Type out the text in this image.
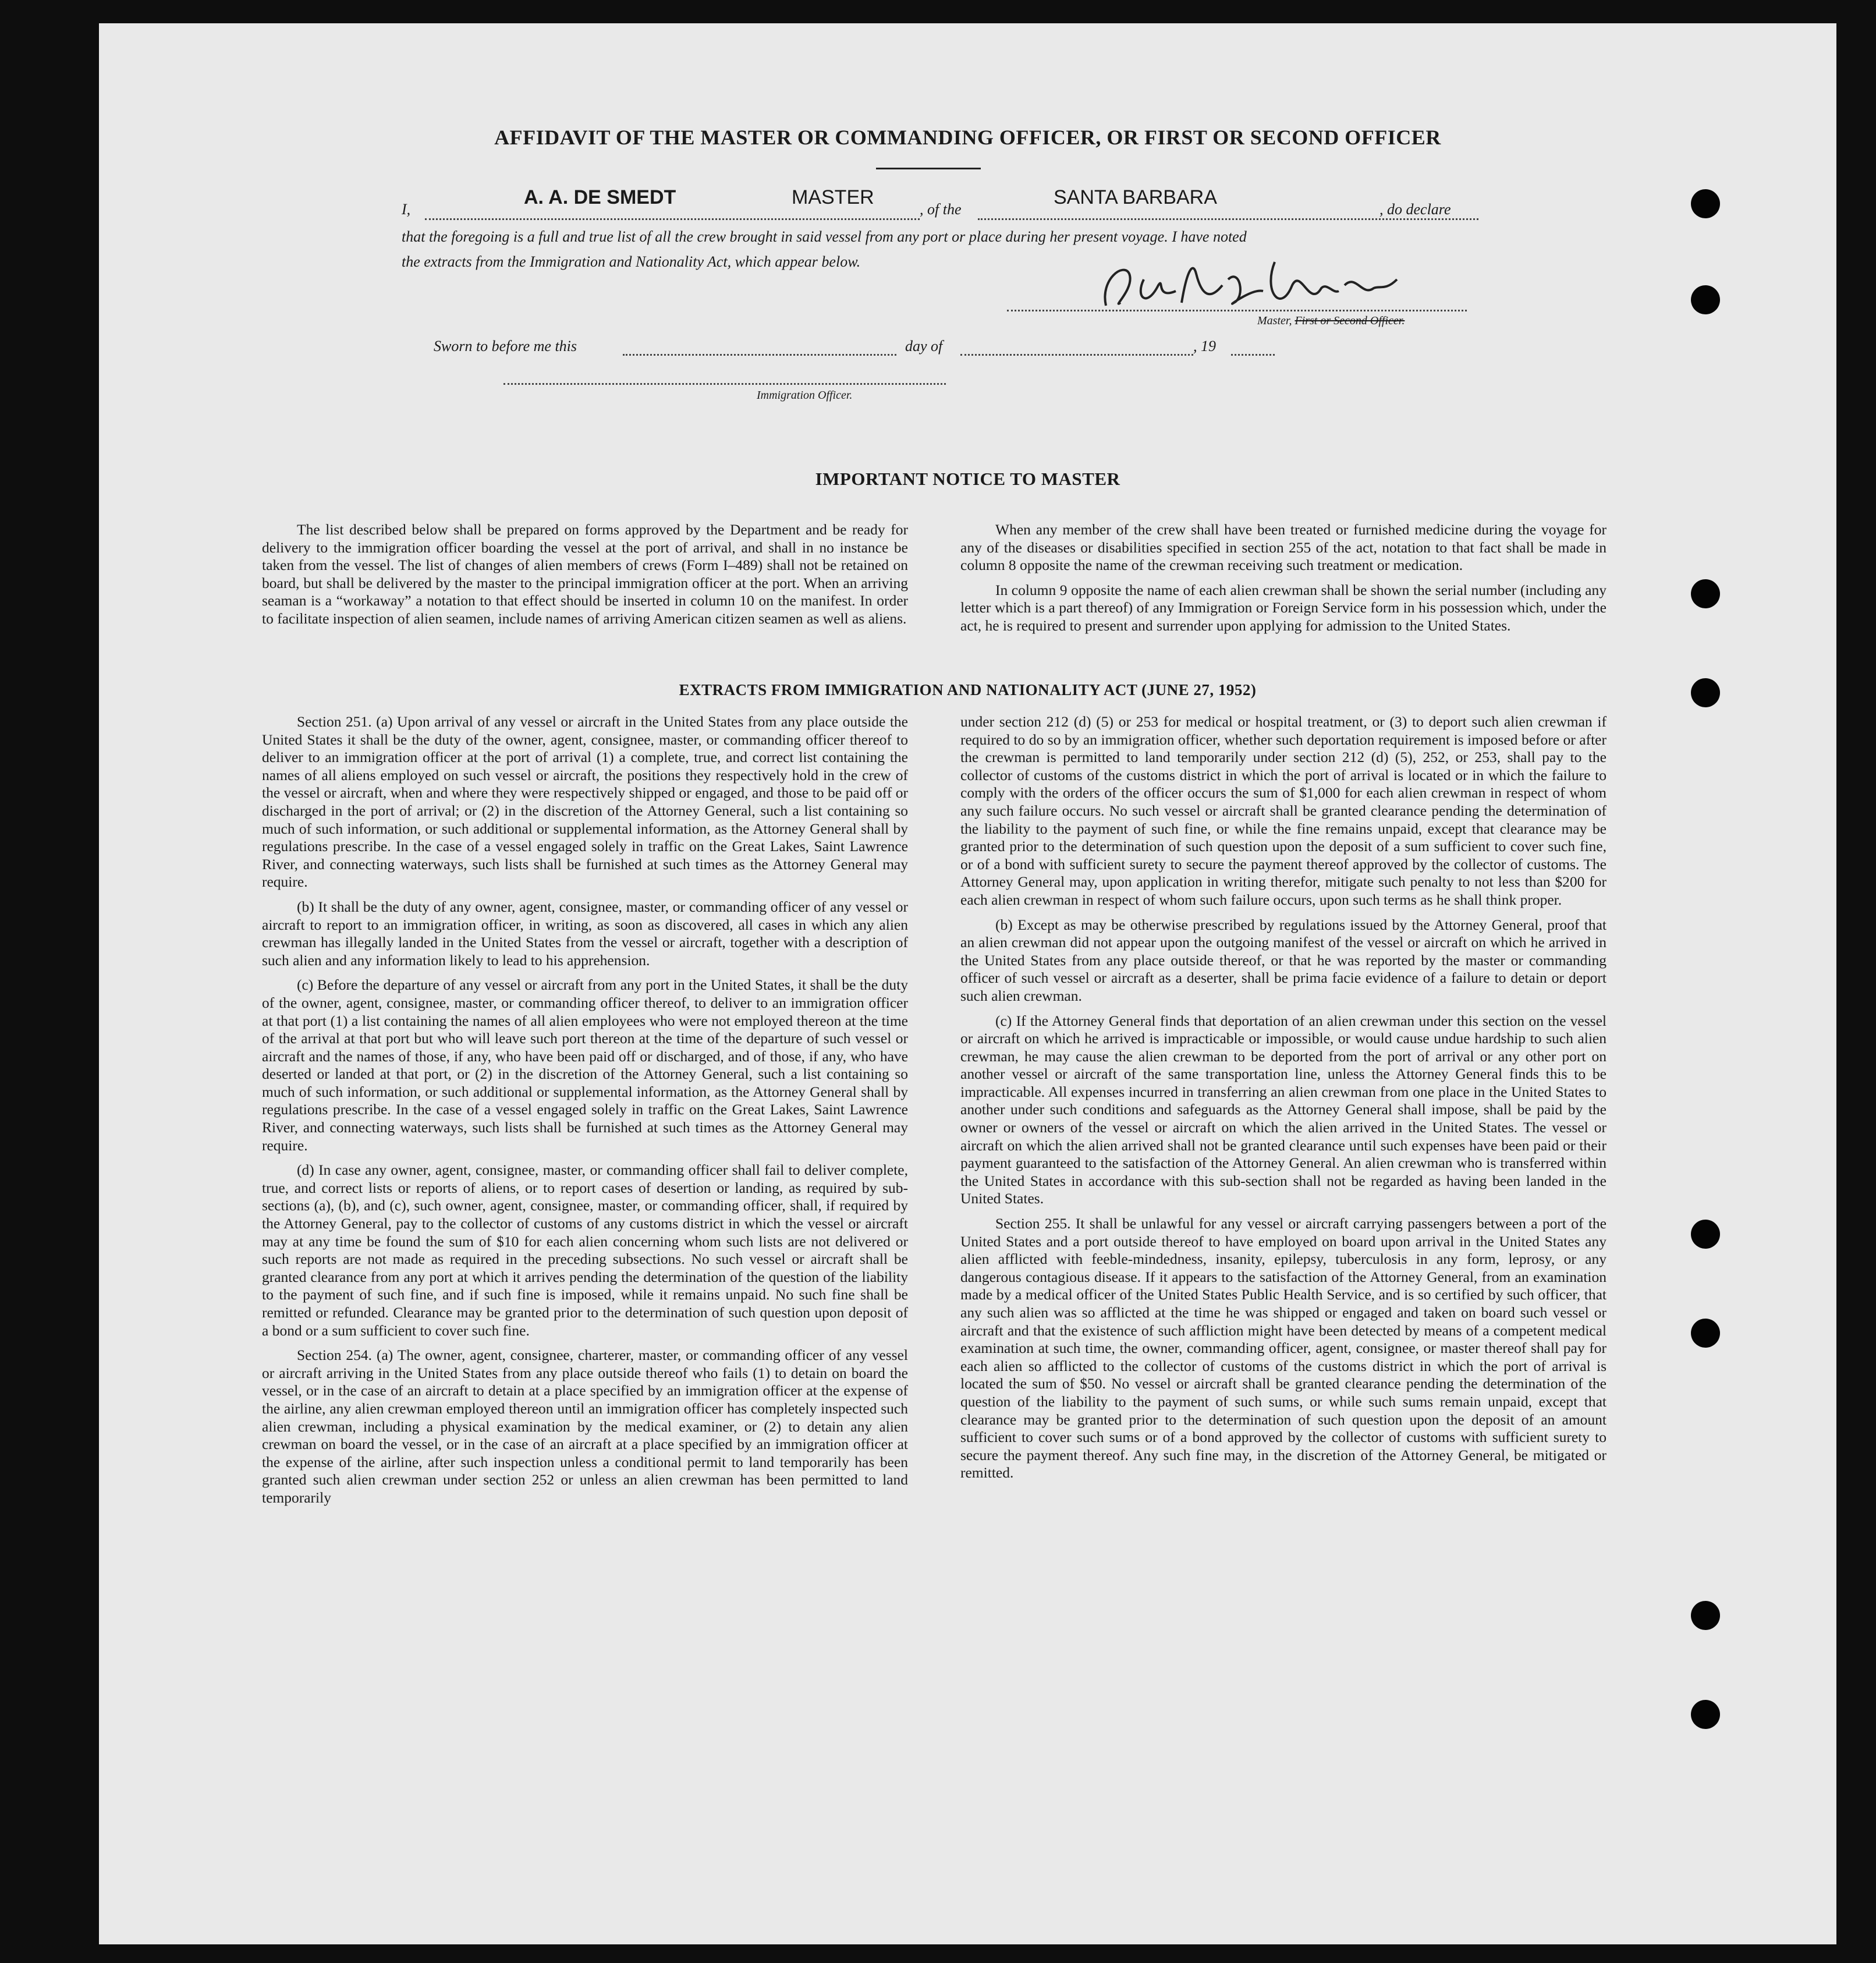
AFFIDAVIT OF THE MASTER OR COMMANDING OFFICER, OR FIRST OR SECOND OFFICER
I,
A. A. DE SMEDT	MASTER
, of the
SANTA BARBARA
, do declare
that the foregoing is a full and true list of all the crew brought in said vessel from any port or place during her present voyage. I have noted
the extracts from the Immigration and Nationality Act, which appear below.
Master, First or Second Officer.
Sworn to before me this	day of	, 19
Immigration Officer.
IMPORTANT NOTICE TO MASTER

The list described below shall be prepared on forms approved by the Department and be ready for delivery to the immigration officer boarding the vessel at the port of arrival, and shall in no instance be taken from the vessel. The list of changes of alien members of crews (Form I–489) shall not be retained on board, but shall be delivered by the master to the principal immigration officer at the port. When an arriving seaman is a “workaway” a notation to that effect should be inserted in column 10 on the manifest. In order to facilitate inspection of alien seamen, include names of arriving American citizen seamen as well as aliens.

When any member of the crew shall have been treated or furnished medicine during the voyage for any of the diseases or disabilities specified in section 255 of the act, notation to that fact shall be made in column 8 opposite the name of the crewman receiving such treatment or medication.

In column 9 opposite the name of each alien crewman shall be shown the serial number (including any letter which is a part thereof) of any Immigration or Foreign Service form in his possession which, under the act, he is required to present and surrender upon applying for admission to the United States.

EXTRACTS FROM IMMIGRATION AND NATIONALITY ACT (JUNE 27, 1952)

Section 251. (a) Upon arrival of any vessel or aircraft in the United States from any place outside the United States it shall be the duty of the owner, agent, consignee, master, or commanding officer thereof to deliver to an immigration officer at the port of arrival (1) a complete, true, and correct list containing the names of all aliens employed on such vessel or aircraft, the positions they respectively hold in the crew of the vessel or aircraft, when and where they were respectively shipped or engaged, and those to be paid off or discharged in the port of arrival; or (2) in the discretion of the Attorney General, such a list containing so much of such information, or such additional or supplemental information, as the Attorney General shall by regulations prescribe. In the case of a vessel engaged solely in traffic on the Great Lakes, Saint Lawrence River, and connecting waterways, such lists shall be furnished at such times as the Attorney General may require.

(b) It shall be the duty of any owner, agent, consignee, master, or commanding officer of any vessel or aircraft to report to an immigration officer, in writing, as soon as discovered, all cases in which any alien crewman has illegally landed in the United States from the vessel or aircraft, together with a description of such alien and any information likely to lead to his apprehension.

(c) Before the departure of any vessel or aircraft from any port in the United States, it shall be the duty of the owner, agent, consignee, master, or commanding officer thereof, to deliver to an immigration officer at that port (1) a list containing the names of all alien employees who were not employed thereon at the time of the arrival at that port but who will leave such port thereon at the time of the departure of such vessel or aircraft and the names of those, if any, who have been paid off or discharged, and of those, if any, who have deserted or landed at that port, or (2) in the discretion of the Attorney General, such a list containing so much of such information, or such additional or supplemental information, as the Attorney General shall by regulations prescribe. In the case of a vessel engaged solely in traffic on the Great Lakes, Saint Lawrence River, and connecting waterways, such lists shall be furnished at such times as the Attorney General may require.

(d) In case any owner, agent, consignee, master, or commanding officer shall fail to deliver complete, true, and correct lists or reports of aliens, or to report cases of desertion or landing, as required by sub-sections (a), (b), and (c), such owner, agent, consignee, master, or commanding officer, shall, if required by the Attorney General, pay to the collector of customs of any customs district in which the vessel or aircraft may at any time be found the sum of $10 for each alien concerning whom such lists are not delivered or such reports are not made as required in the preceding subsections. No such vessel or aircraft shall be granted clearance from any port at which it arrives pending the determination of the question of the liability to the payment of such fine, and if such fine is imposed, while it remains unpaid. No such fine shall be remitted or refunded. Clearance may be granted prior to the determination of such question upon deposit of a bond or a sum sufficient to cover such fine.

Section 254. (a) The owner, agent, consignee, charterer, master, or commanding officer of any vessel or aircraft arriving in the United States from any place outside thereof who fails (1) to detain on board the vessel, or in the case of an aircraft to detain at a place specified by an immigration officer at the expense of the airline, any alien crewman employed thereon until an immigration officer has completely inspected such alien crewman, including a physical examination by the medical examiner, or (2) to detain any alien crewman on board the vessel, or in the case of an aircraft at a place specified by an immigration officer at the expense of the airline, after such inspection unless a conditional permit to land temporarily has been granted such alien crewman under section 252 or unless an alien crewman has been permitted to land temporarily

under section 212 (d) (5) or 253 for medical or hospital treatment, or (3) to deport such alien crewman if required to do so by an immigration officer, whether such deportation requirement is imposed before or after the crewman is permitted to land temporarily under section 212 (d) (5), 252, or 253, shall pay to the collector of customs of the customs district in which the port of arrival is located or in which the failure to comply with the orders of the officer occurs the sum of $1,000 for each alien crewman in respect of whom any such failure occurs. No such vessel or aircraft shall be granted clearance pending the determination of the liability to the payment of such fine, or while the fine remains unpaid, except that clearance may be granted prior to the determination of such question upon the deposit of a sum sufficient to cover such fine, or of a bond with sufficient surety to secure the payment thereof approved by the collector of customs. The Attorney General may, upon application in writing therefor, mitigate such penalty to not less than $200 for each alien crewman in respect of whom such failure occurs, upon such terms as he shall think proper.

(b) Except as may be otherwise prescribed by regulations issued by the Attorney General, proof that an alien crewman did not appear upon the outgoing manifest of the vessel or aircraft on which he arrived in the United States from any place outside thereof, or that he was reported by the master or commanding officer of such vessel or aircraft as a deserter, shall be prima facie evidence of a failure to detain or deport such alien crewman.

(c) If the Attorney General finds that deportation of an alien crewman under this section on the vessel or aircraft on which he arrived is impracticable or impossible, or would cause undue hardship to such alien crewman, he may cause the alien crewman to be deported from the port of arrival or any other port on another vessel or aircraft of the same transportation line, unless the Attorney General finds this to be impracticable. All expenses incurred in transferring an alien crewman from one place in the United States to another under such conditions and safeguards as the Attorney General shall impose, shall be paid by the owner or owners of the vessel or aircraft on which the alien arrived in the United States. The vessel or aircraft on which the alien arrived shall not be granted clearance until such expenses have been paid or their payment guaranteed to the satisfaction of the Attorney General. An alien crewman who is transferred within the United States in accordance with this sub-section shall not be regarded as having been landed in the United States.

Section 255. It shall be unlawful for any vessel or aircraft carrying passengers between a port of the United States and a port outside thereof to have employed on board upon arrival in the United States any alien afflicted with feeble-mindedness, insanity, epilepsy, tuberculosis in any form, leprosy, or any dangerous contagious disease. If it appears to the satisfaction of the Attorney General, from an examination made by a medical officer of the United States Public Health Service, and is so certified by such officer, that any such alien was so afflicted at the time he was shipped or engaged and taken on board such vessel or aircraft and that the existence of such affliction might have been detected by means of a competent medical examination at such time, the owner, commanding officer, agent, consignee, or master thereof shall pay for each alien so afflicted to the collector of customs of the customs district in which the port of arrival is located the sum of $50. No vessel or aircraft shall be granted clearance pending the determination of the question of the liability to the payment of such sums, or while such sums remain unpaid, except that clearance may be granted prior to the determination of such question upon the deposit of an amount sufficient to cover such sums or of a bond approved by the collector of customs with sufficient surety to secure the payment thereof. Any such fine may, in the discretion of the Attorney General, be mitigated or remitted.
